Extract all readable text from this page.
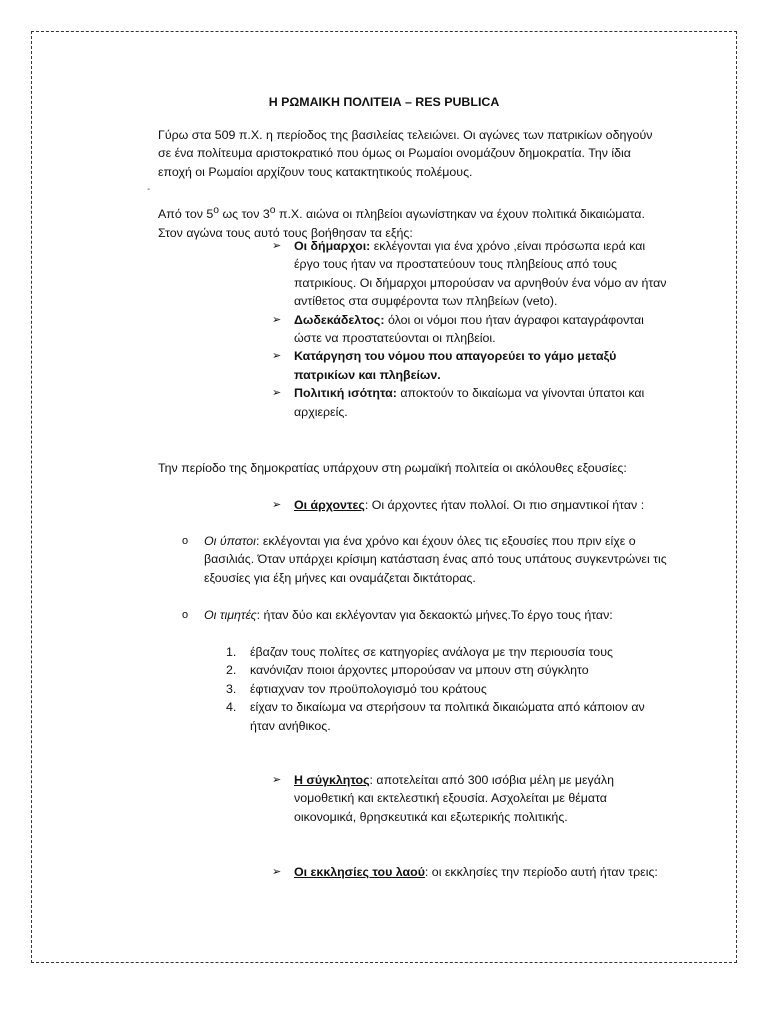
Η ΡΩΜΑΙΚΗ ΠΟΛΙΤΕΙΑ – RES PUBLICA
Γύρω στα 509 π.Χ. η περίοδος της βασιλείας τελειώνει. Οι αγώνες των πατρικίων οδηγούν σε ένα πολίτευμα αριστοκρατικό που όμως οι Ρωμαίοι ονομάζουν δημοκρατία. Την ίδια εποχή οι Ρωμαίοι αρχίζουν τους κατακτητικούς πολέμους.
-
Από τον $5^o$ ως τον $3^o$ π.Χ. αιώνα οι πληβείοι αγωνίστηκαν να έχουν πολιτικά δικαιώματα. Στον αγώνα τους αυτό τους βοήθησαν τα εξής:
➢ Οι δήμαρχοι: εκλέγονται για ένα χρόνο ,είναι πρόσωπα ιερά και έργο τους ήταν να προστατεύουν τους πληβείους από τους πατρικίους. Οι δήμαρχοι μπορούσαν να αρνηθούν ένα νόμο αν ήταν αντίθετος στα συμφέροντα των πληβείων (veto).
➢ Δωδεκάδελτος: όλοι οι νόμοι που ήταν άγραφοι καταγράφονται ώστε να προστατεύονται οι πληβείοι.
➢ Κατάργηση του νόμου που απαγορεύει το γάμο μεταξύ πατρικίων και πληβείων.
➢ Πολιτική ισότητα: αποκτούν το δικαίωμα να γίνονται ύπατοι και αρχιερείς.
Την περίοδο της δημοκρατίας υπάρχουν στη ρωμαϊκή πολιτεία οι ακόλουθες εξουσίες:
➢ Οι άρχοντες: Οι άρχοντες ήταν πολλοί. Οι πιο σημαντικοί ήταν :
o Οι ύπατοι: εκλέγονται για ένα χρόνο και έχουν όλες τις εξουσίες που πριν είχε ο βασιλιάς. Όταν υπάρχει κρίσιμη κατάσταση ένας από τους υπάτους συγκεντρώνει τις εξουσίες για έξη μήνες και οναμάζεται δικτάτορας.
o Οι τιμητές: ήταν δύο και εκλέγονταν για δεκαοκτώ μήνες.Το έργο τους ήταν:
1. έβαζαν τους πολίτες σε κατηγορίες ανάλογα με την περιουσία τους
2. κανόνιζαν ποιοι άρχοντες μπορούσαν να μπουν στη σύγκλητο
3. έφτιαχναν τον προϋπολογισμό του κράτους
4. είχαν το δικαίωμα να στερήσουν τα πολιτικά δικαιώματα από κάποιον αν ήταν ανήθικος.
➢ Η σύγκλητος: αποτελείται από 300 ισόβια μέλη με μεγάλη νομοθετική και εκτελεστική εξουσία. Ασχολείται με θέματα οικονομικά, θρησκευτικά και εξωτερικής πολιτικής.
➢ Οι εκκλησίες του λαού: οι εκκλησίες την περίοδο αυτή ήταν τρεις:
